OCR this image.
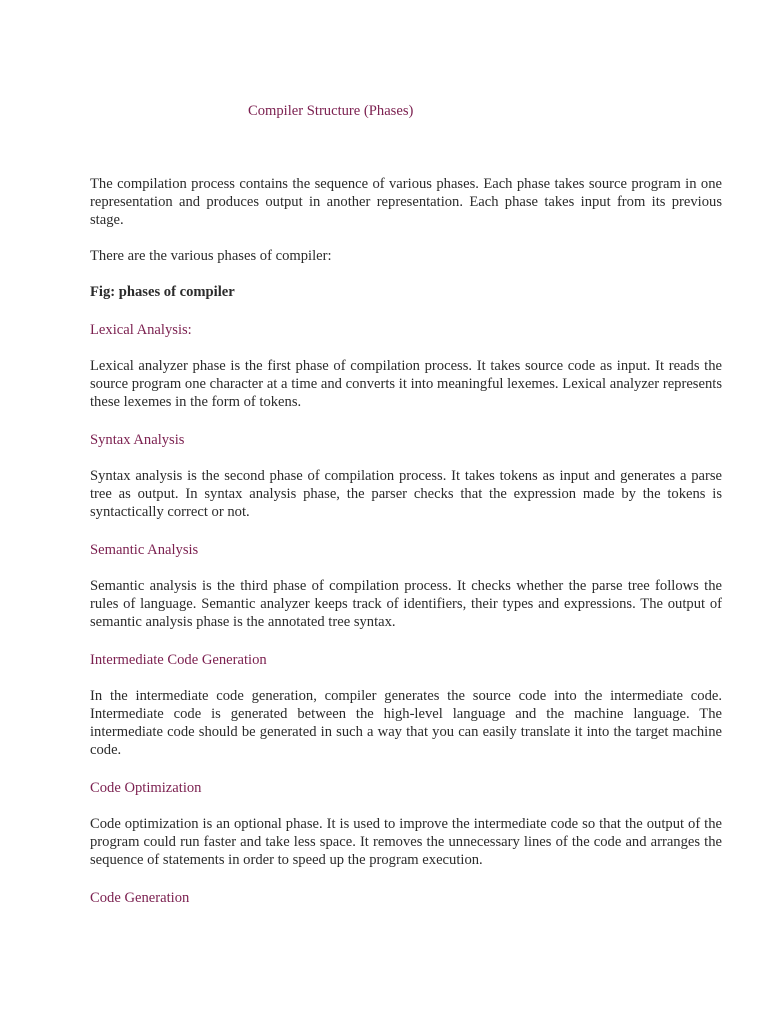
Compiler Structure (Phases)

The compilation process contains the sequence of various phases. Each phase takes source program in one representation and produces output in another representation. Each phase takes input from its previous stage.

There are the various phases of compiler:

Fig: phases of compiler

Lexical Analysis:

Lexical analyzer phase is the first phase of compilation process. It takes source code as input. It reads the source program one character at a time and converts it into meaningful lexemes. Lexical analyzer represents these lexemes in the form of tokens.

Syntax Analysis

Syntax analysis is the second phase of compilation process. It takes tokens as input and generates a parse tree as output. In syntax analysis phase, the parser checks that the expression made by the tokens is syntactically correct or not.

Semantic Analysis

Semantic analysis is the third phase of compilation process. It checks whether the parse tree follows the rules of language. Semantic analyzer keeps track of identifiers, their types and expressions. The output of semantic analysis phase is the annotated tree syntax.

Intermediate Code Generation

In the intermediate code generation, compiler generates the source code into the intermediate code. Intermediate code is generated between the high-level language and the machine language. The intermediate code should be generated in such a way that you can easily translate it into the target machine code.

Code Optimization

Code optimization is an optional phase. It is used to improve the intermediate code so that the output of the program could run faster and take less space. It removes the unnecessary lines of the code and arranges the sequence of statements in order to speed up the program execution.

Code Generation
